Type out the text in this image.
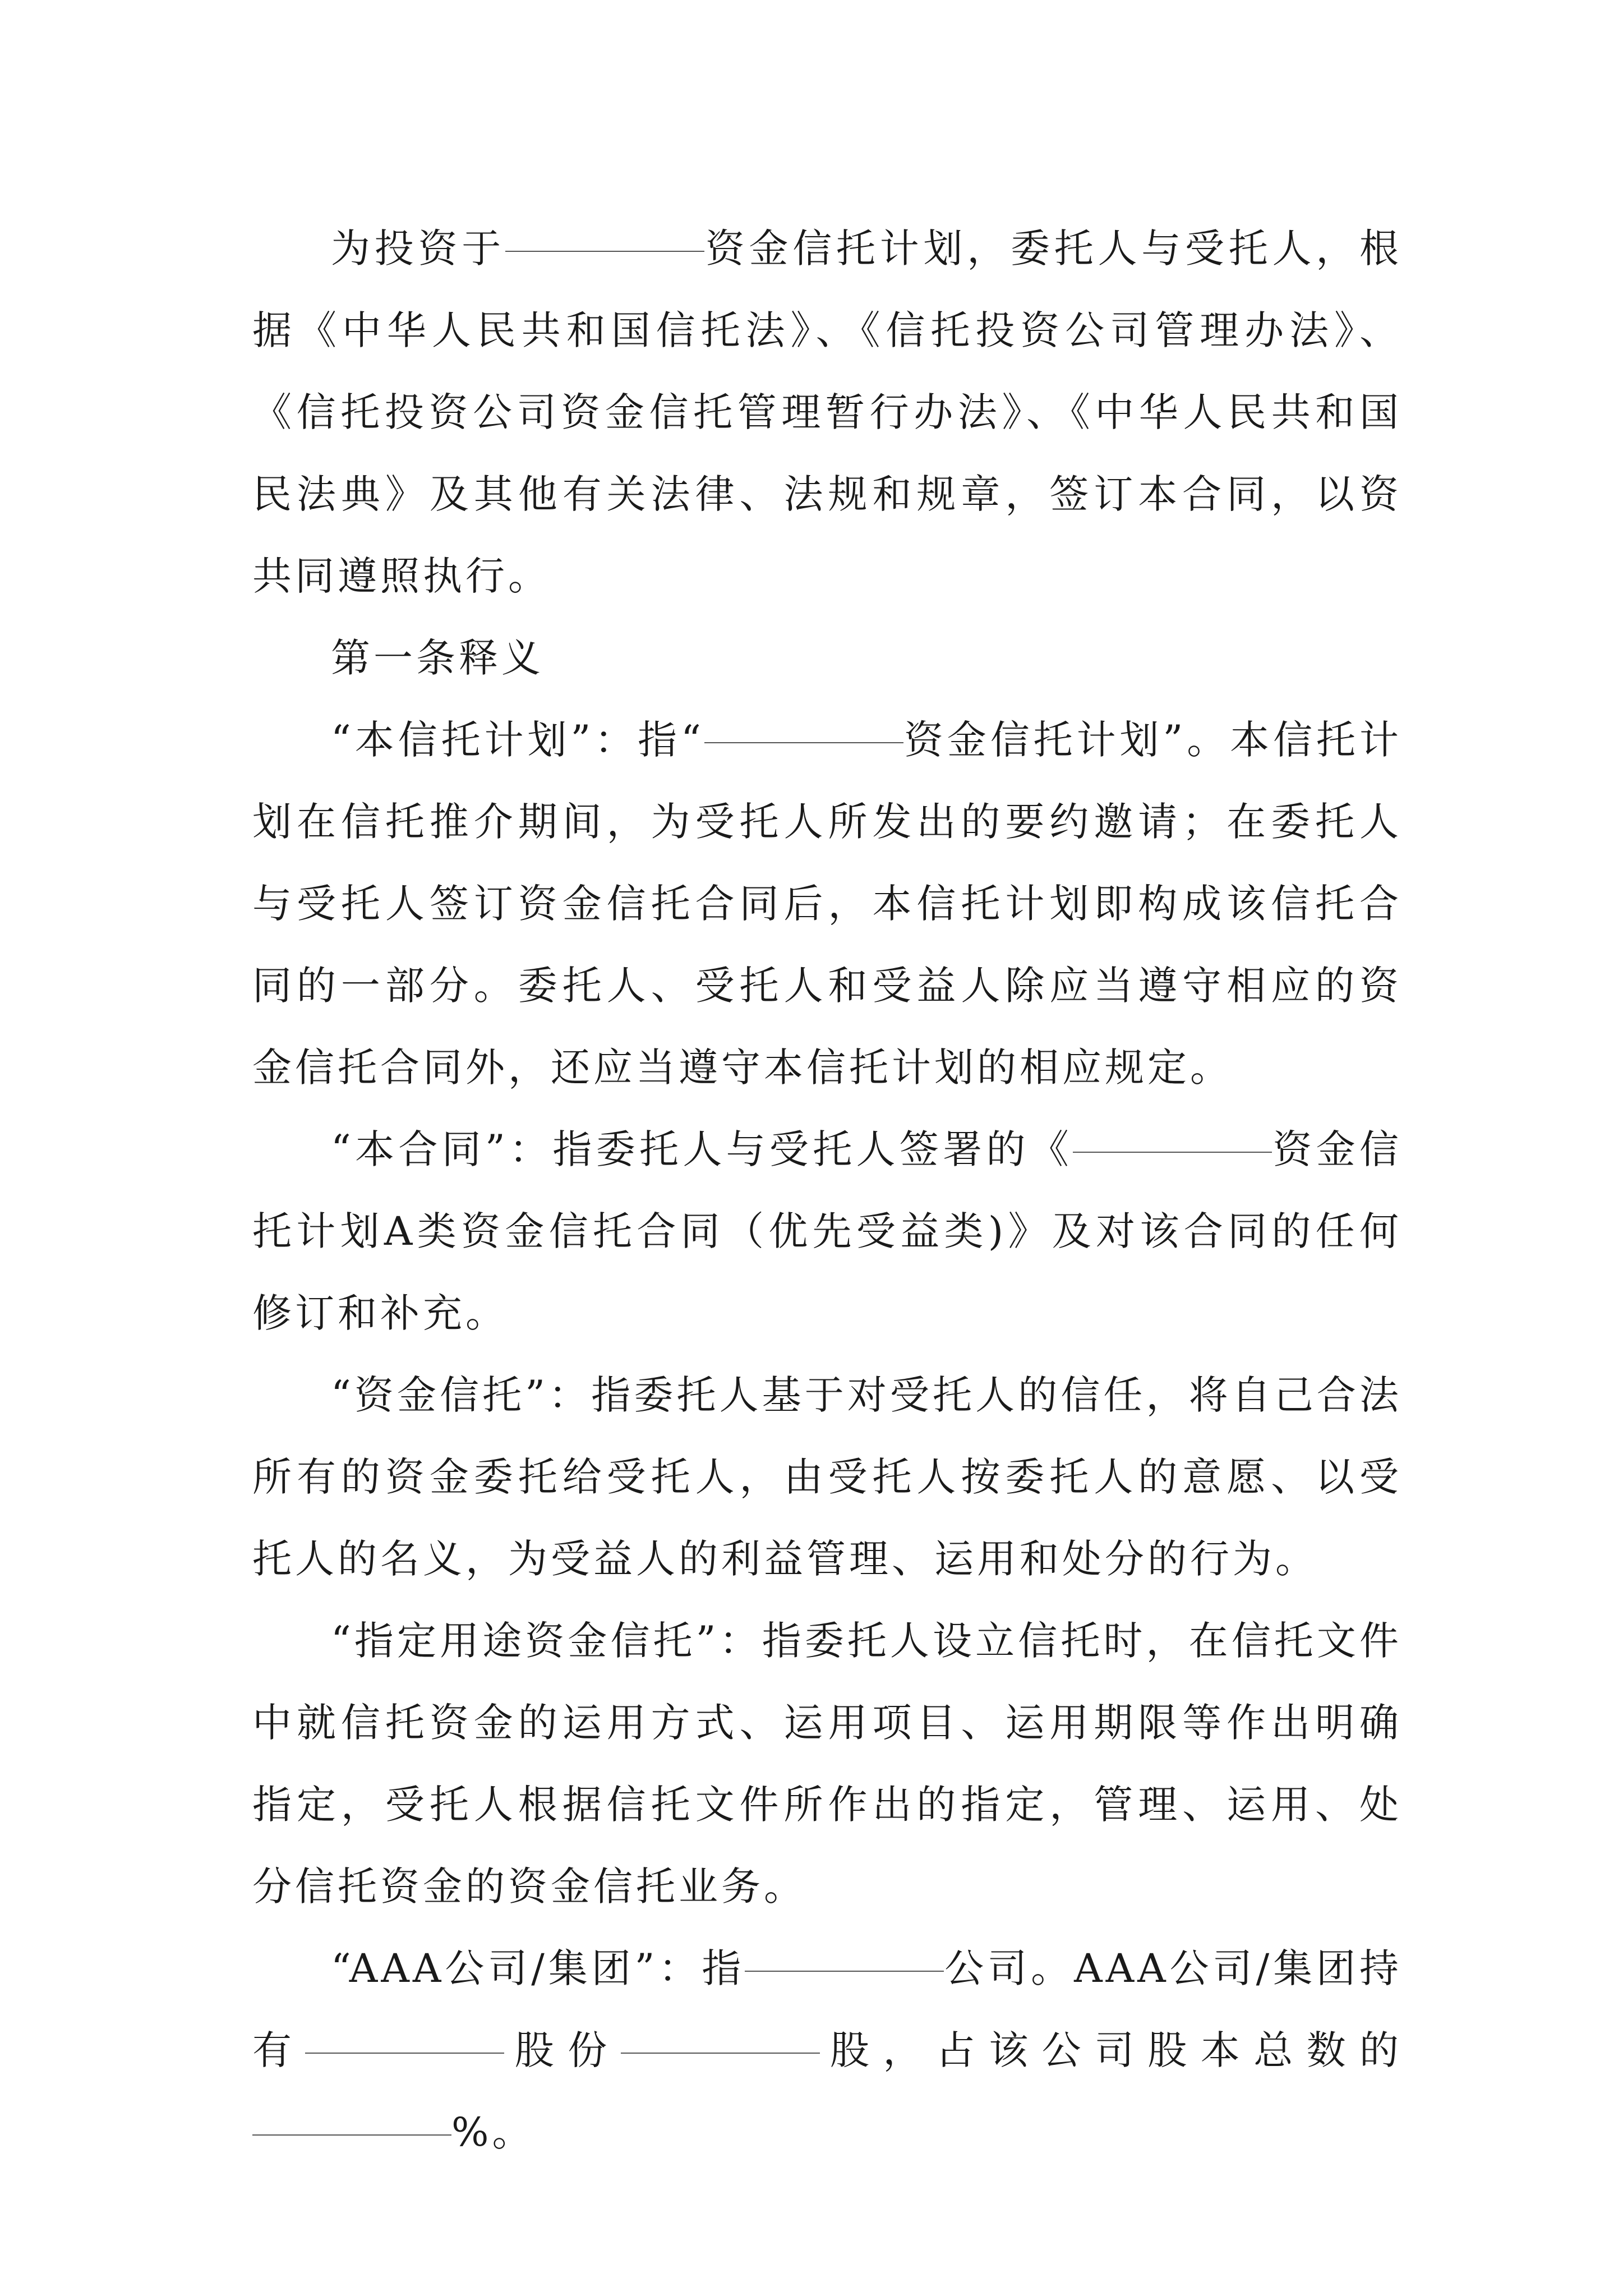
为投资于	资金信托计划，委托人与受托人，根据《中华人民共和国信托法》、《信托投资公司管理办法》、《信托投资公司资金信托管理暂行办法》、《中华人民共和国民法典》及其他有关法律、法规和规章，签订本合同，以资共同遵照执行。

第一条释义

“本信托计划”：指“	资金信托计划”。本信托计划在信托推介期间，为受托人所发出的要约邀请；在委托人与受托人签订资金信托合同后，本信托计划即构成该信托合同的一部分。委托人、受托人和受益人除应当遵守相应的资金信托合同外，还应当遵守本信托计划的相应规定。

“本合同”：指委托人与受托人签署的《	资金信托计划A类资金信托合同（优先受益类)》及对该合同的任何修订和补充。

“资金信托”：指委托人基于对受托人的信任，将自己合法所有的资金委托给受托人，由受托人按委托人的意愿、以受托人的名义，为受益人的利益管理、运用和处分的行为。

“指定用途资金信托”：指委托人设立信托时，在信托文件中就信托资金的运用方式、运用项目、运用期限等作出明确指定，受托人根据信托文件所作出的指定，管理、运用、处分信托资金的资金信托业务。

“AAA公司/集团”：指	公司。AAA公司/集团持有	股份	股，占该公司股本总数的%。
